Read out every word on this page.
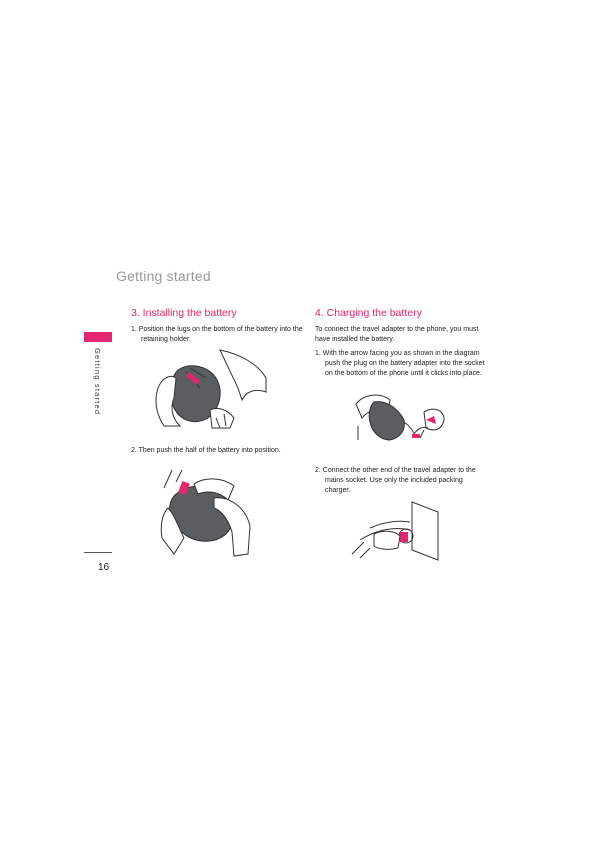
Getting started
Getting started
16
3. Installing the battery

1. Position the lugs on the bottom of the battery into the retaining holder.

2. Then push the half of the battery into position.

4. Charging the battery

To connect the travel adapter to the phone, you must have installed the battery.

1. With the arrow facing you as shown in the diagram push the plug on the battery adapter into the socket on the bottom of the phone until it clicks into place.

2. Connect the other end of the travel adapter to the mains socket. Use only the included packing charger.
